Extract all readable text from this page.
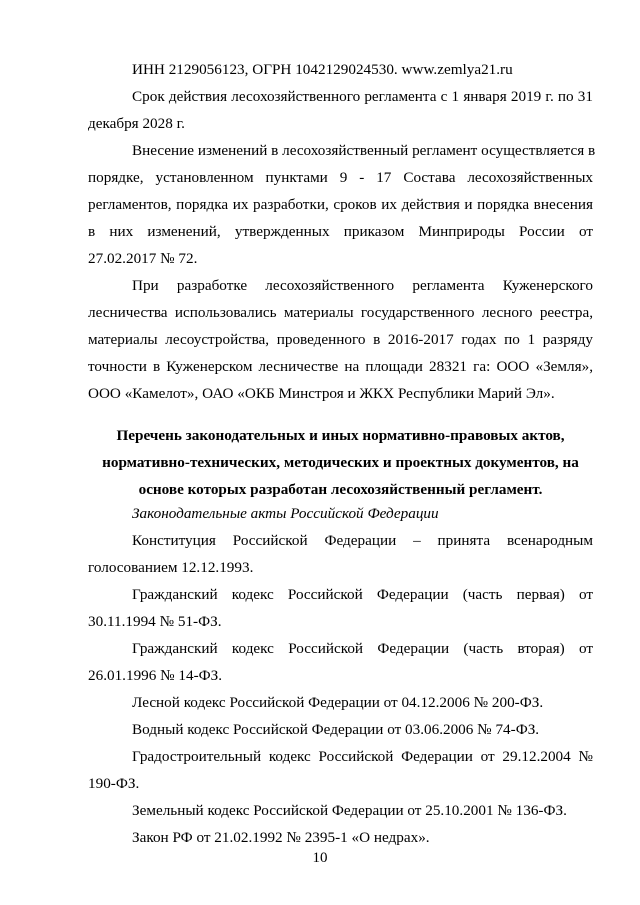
ИНН 2129056123, ОГРН 1042129024530. www.zemlya21.ru
Срок действия лесохозяйственного регламента с 1 января 2019 г. по 31
декабря 2028 г.
Внесение изменений в лесохозяйственный регламент осуществляется в
порядке, установленном пунктами 9 - 17 Состава лесохозяйственных
регламентов, порядка их разработки, сроков их действия и порядка внесения
в них изменений, утвержденных приказом Минприроды России от
27.02.2017 № 72.
При разработке лесохозяйственного регламента Куженерского
лесничества использовались материалы государственного лесного реестра,
материалы лесоустройства, проведенного в 2016-2017 годах по 1 разряду
точности в Куженерском лесничестве на площади 28321 га: ООО «Земля»,
ООО «Камелот», ОАО «ОКБ Минстроя и ЖКХ Республики Марий Эл».
Перечень законодательных и иных нормативно-правовых актов,
нормативно-технических, методических и проектных документов, на
основе которых разработан лесохозяйственный регламент.
Законодательные акты Российской Федерации
Конституция Российской Федерации – принята всенародным
голосованием 12.12.1993.
Гражданский кодекс Российской Федерации (часть первая) от
30.11.1994 № 51-ФЗ.
Гражданский кодекс Российской Федерации (часть вторая) от
26.01.1996 № 14-ФЗ.
Лесной кодекс Российской Федерации от 04.12.2006 № 200-ФЗ.
Водный кодекс Российской Федерации от 03.06.2006 № 74-ФЗ.
Градостроительный кодекс Российской Федерации от 29.12.2004 №
190-ФЗ.
Земельный кодекс Российской Федерации от 25.10.2001 № 136-ФЗ.
Закон РФ от 21.02.1992 № 2395-1 «О недрах».
10
